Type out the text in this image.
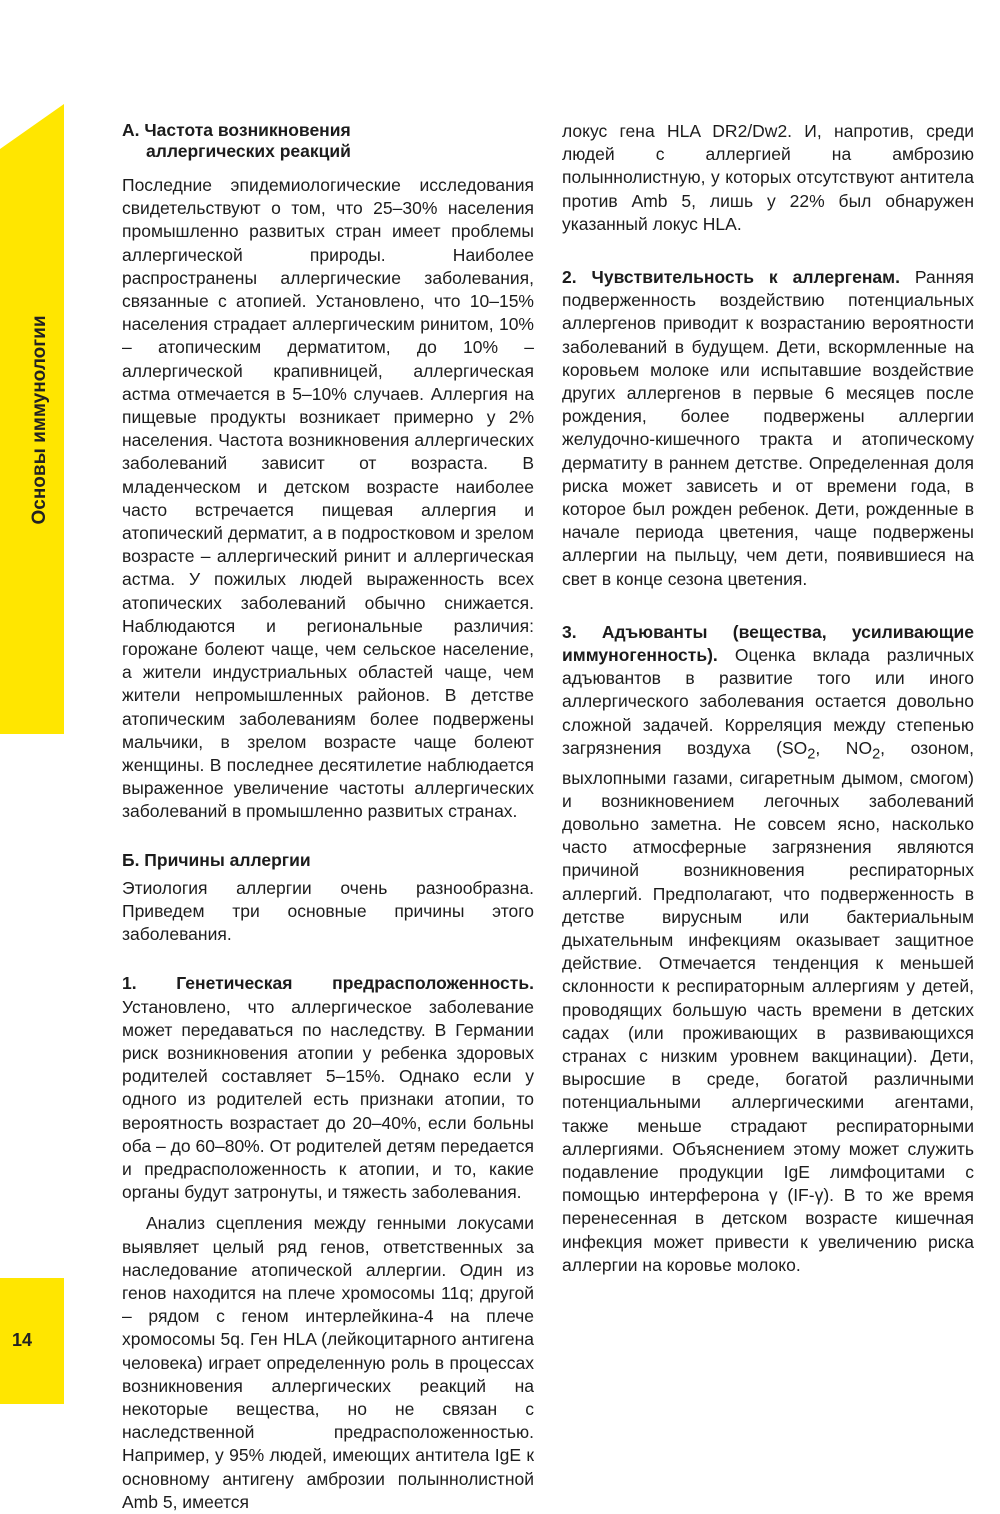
Основы иммунологии
14
А. Частота возникновения
аллергических реакций

Последние эпидемиологические исследования свидетельствуют о том, что 25–30% населения промышленно развитых стран имеет проблемы аллергической природы. Наиболее распространены аллергические заболевания, связанные с атопией. Установлено, что 10–15% населения страдает аллергическим ринитом, 10% – атопическим дерматитом, до 10% – аллергической крапивницей, аллергическая астма отмечается в 5–10% случаев. Аллергия на пищевые продукты возникает примерно у 2% населения. Частота возникновения аллергических заболеваний зависит от возраста. В младенческом и детском возрасте наиболее часто встречается пищевая аллергия и атопический дерматит, а в подростковом и зрелом возрасте – аллергический ринит и аллергическая астма. У пожилых людей выраженность всех атопических заболеваний обычно снижается. Наблюдаются и региональные различия: горожане болеют чаще, чем сельское население, а жители индустриальных областей чаще, чем жители непромышленных районов. В детстве атопическим заболеваниям более подвержены мальчики, в зрелом возрасте чаще болеют женщины. В последнее десятилетие наблюдается выраженное увеличение частоты аллергических заболеваний в промышленно развитых странах.

Б. Причины аллергии

Этиология аллергии очень разнообразна. Приведем три основные причины этого заболевания.

1. Генетическая предрасположенность. Установлено, что аллергическое заболевание может передаваться по наследству. В Германии риск возникновения атопии у ребенка здоровых родителей составляет 5–15%. Однако если у одного из родителей есть признаки атопии, то вероятность возрастает до 20–40%, если больны оба – до 60–80%. От родителей детям передается и предрасположенность к атопии, и то, какие органы будут затронуты, и тяжесть заболевания.

Анализ сцепления между генными локусами выявляет целый ряд генов, ответственных за наследование атопической аллергии. Один из генов находится на плече хромосомы 11q; другой – рядом с геном интерлейкина-4 на плече хромосомы 5q. Ген HLA (лейкоцитарного антигена человека) играет определенную роль в процессах возникновения аллергических реакций на некоторые вещества, но не связан с наследственной предрасположенностью. Например, у 95% людей, имеющих антитела IgE к основному антигену амброзии полыннолистной Amb 5, имеется

локус гена HLA DR2/Dw2. И, напротив, среди людей с аллергией на амброзию полыннолистную, у которых отсутствуют антитела против Amb 5, лишь у 22% был обнаружен указанный локус HLA.

2. Чувствительность к аллергенам. Ранняя подверженность воздействию потенциальных аллергенов приводит к возрастанию вероятности заболеваний в будущем. Дети, вскормленные на коровьем молоке или испытавшие воздействие других аллергенов в первые 6 месяцев после рождения, более подвержены аллергии желудочно-кишечного тракта и атопическому дерматиту в раннем детстве. Определенная доля риска может зависеть и от времени года, в которое был рожден ребенок. Дети, рожденные в начале периода цветения, чаще подвержены аллергии на пыльцу, чем дети, появившиеся на свет в конце сезона цветения.

3. Адъюванты (вещества, усиливающие иммуногенность). Оценка вклада различных адъювантов в развитие того или иного аллергического заболевания остается довольно сложной задачей. Корреляция между степенью загрязнения воздуха ($SO_2$, $NO_2$, озоном, выхлопными газами, сигаретным дымом, смогом) и возникновением легочных заболеваний довольно заметна. Не совсем ясно, насколько часто атмосферные загрязнения являются причиной возникновения респираторных аллергий. Предполагают, что подверженность в детстве вирусным или бактериальным дыхательным инфекциям оказывает защитное действие. Отмечается тенденция к меньшей склонности к респираторным аллергиям у детей, проводящих большую часть времени в детских садах (или проживающих в развивающихся странах с низким уровнем вакцинации). Дети, выросшие в среде, богатой различными потенциальными аллергическими агентами, также меньше страдают респираторными аллергиями. Объяснением этому может служить подавление продукции IgE лимфоцитами с помощью интерферона γ (IF-γ). В то же время перенесенная в детском возрасте кишечная инфекция может привести к увеличению риска аллергии на коровье молоко.
